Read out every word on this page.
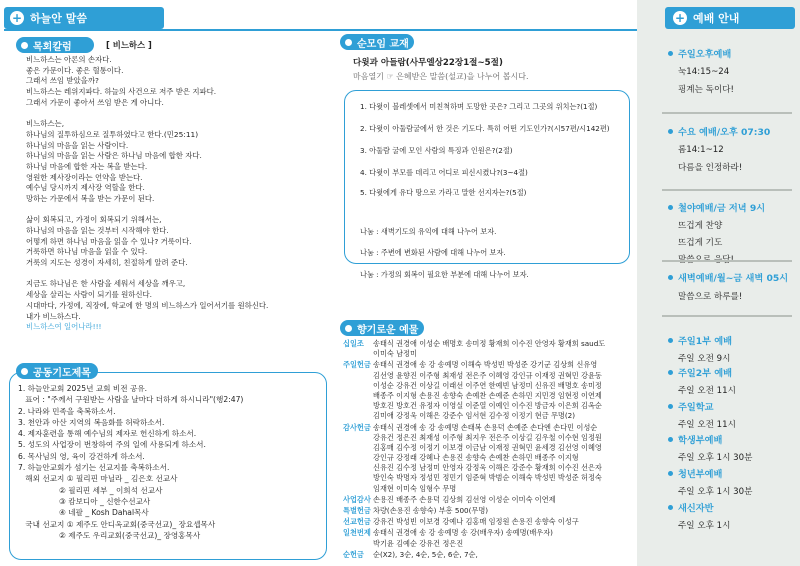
+ 하늘안 말씀
목회칼럼	[ 비느하스 ]
비느하스는 아론의 손자다.
좋은 가문이다. 좋은 혈통이다.
그래서 쓰임 받았을까?
비느하스는 레위지파다. 하늘의 사건으로 저주 받은 지파다.
그래서 가문이 좋아서 쓰임 받은 게 아니다.
비느하스는,
하나님의 질투하심으로 질투하였다고 한다.(민25:11)
하나님의 마음을 읽는 사람이다.
하나님의 마음을 읽는 사람은 하나님 마음에 합한 자다.
하나님 마음에 합한 자는 복을 받는다.
영원한 제사장이라는 언약을 받는다.
예수님 당시까지 제사장 역할을 한다.
망하는 가문에서 복을 받는 가문이 된다.
삶이 회복되고, 가정이 회복되기 위해서는,
하나님의 마음을 읽는 것부터 시작해야 한다.
어떻게 하면 하나님 마음을 읽을 수 있나? 거룩이다.
거룩하면 하나님 마음을 읽을 수 있다.
거룩의 지도는 성경이 자세히, 친절하게 알려 준다.
지금도 하나님은 한 사람을 세워서 세상을 깨우고,
세상을 살리는 사람이 되기를 원하신다.
시대마다, 가정에, 직장에, 학교에 한 명의 비느하스가 일어서기를 원하신다.
내가 비느하스다.
비느하스여 일어나라!!!
공동기도제목
1. 하늘안교회 2025년 교회 비전 공유.
표어 : "주께서 구원받는 사람을 날마다 더하게 하시니라"(행2:47)
2. 나라와 민족을 축복하소서.
3. 천안과 아산 지역의 복음화를 허락하소서.
4. 제자훈련을 통해 예수님의 제자로 헌신하게 하소서.
5. 성도의 사업장이 번창하여 주의 일에 사용되게 하소서.
6. 목사님의 영, 육이 강건하게 하소서.
7. 하늘안교회가 섬기는 선교지를 축복하소서.
해외 선교지 ① 필리핀 마닐라 _ 김은호 선교사
② 필리핀 세부 _ 이희석 선교사
③ 캄보디아 _ 신한수선교사
④ 네팔 _ Kosh Dahal목사
국내 선교지 ① 제주도 안디옥교회(중국선교)_ 장요셉목사
② 제주도 우리교회(중국선교)_ 장영홍목사
순모임 교재
다윗과 아들람(사무엘상22장1절~5절)
마음열기 ☞ 은혜받은 말씀(설교)을 나누어 봅시다.
1. 다윗이 블레셋에서 미친척하며 도망한 곳은? 그리고 그곳의 위치는?(1절)
2. 다윗이 아둘람굴에서 한 것은 기도다. 특히 어떤 기도인가?(시57편/시142편)
3. 아둘람 굴에 모인 사람의 특징과 인원은?(2절)
4. 다윗이 부모를 데리고 어디로 피신시켰나?(3~4절)
5. 다윗에게 유다 땅으로 가라고 말한 선지자는?(5절)
나눔 : 새벽기도의 유익에 대해 나누어 보자.
나눔 : 주변에 변화된 사람에 대해 나누어 보자.
나눔 : 가정의 회복이 필요한 부분에 대해 나누어 보자.
향기로운 예물
십일조	송태식 권경애 이성순 배명호 송미정 황재희 이수진 안영자 황재희 saud도
이미숙 남정미
주일헌금 송태식 권경애 송 강 송예명 이해숙 박성빈 박성준 강기군 김상희 신유영
김선영 윤향진 이주형 최재성 전은주 이혜영 강인규 이재정 권혁민 강윤동
이성순 강유건 이상길 이래선 이주연 한예빈 남정미 신유진 배명호 송미정
배종주 이지형 손용진 송향숙 손예찬 손예준 손하민 지민경 임현정 이연제
방호진 방호건 유정자 이영실 이준열 이예인 이수진 방금자 이은희 김옥순
김미애 강정욱 이해은 강준수 임서현 김수정 이정기 현금 무명(2)
감사헌금 송태식 권경애 송 강 송예명 손태복 손용덕 손예준 손다엔 손다민 이성순
강유건 정은진 최재성 이주형 최지우 전은주 이상길 김우철 이수현 임정원
김홍매 김수정 이정기 이보경 이금남 이재정 권혁민 윤세경 김선영 이혜영
강인규 강정래 강혜나 손용진 송향숙 손예찬 손하민 배종주 이지형
신유진 김수정 남정미 안영자 강정욱 이해은 강준수 황재희 이수진 선은자
방인숙 박명자 정성민 정민기 임준혁 박범순 이해숙 박성빈 박성준 허정숙
임재현 이미숙 임형수 무명
사업감사 손용진 배종주 손용덕 김상희 김선영 이성순 이미숙 이연제
특별헌금 차량(손용진 송향숙) 부흥 500(무명)
선교헌금 강유건 박성빈 이보경 강예나 김홍매 임정원 손용진 송향숙 이성구
일천번제 송태식 권경애 송 강 송예명 송 강(배우자) 송예명(배우자)
박기윤 김예순 강유건 정은진
순헌금	순(X2), 3순, 4순, 5순, 6순, 7순,
+ 예배 안내
주일오후예배
눅14:15~24
핑계는 독이다!
수요 예배/오후 07:30
롬14:1~12
다름을 인정하라!
철야예배/금 저녁 9시
뜨겁게 찬양
뜨겁게 기도
새벽예배/월~금 새벽 05시
말씀으로 하루를!
주일1부 예배
주일 오전 9시
주일2부 예배
주일 오전 11시
주일학교
주일 오전 11시
학생부예배
주일 오후 1시 30분
청년부예배
주일 오후 1시 30분
새신자반
주일 오후 1시
